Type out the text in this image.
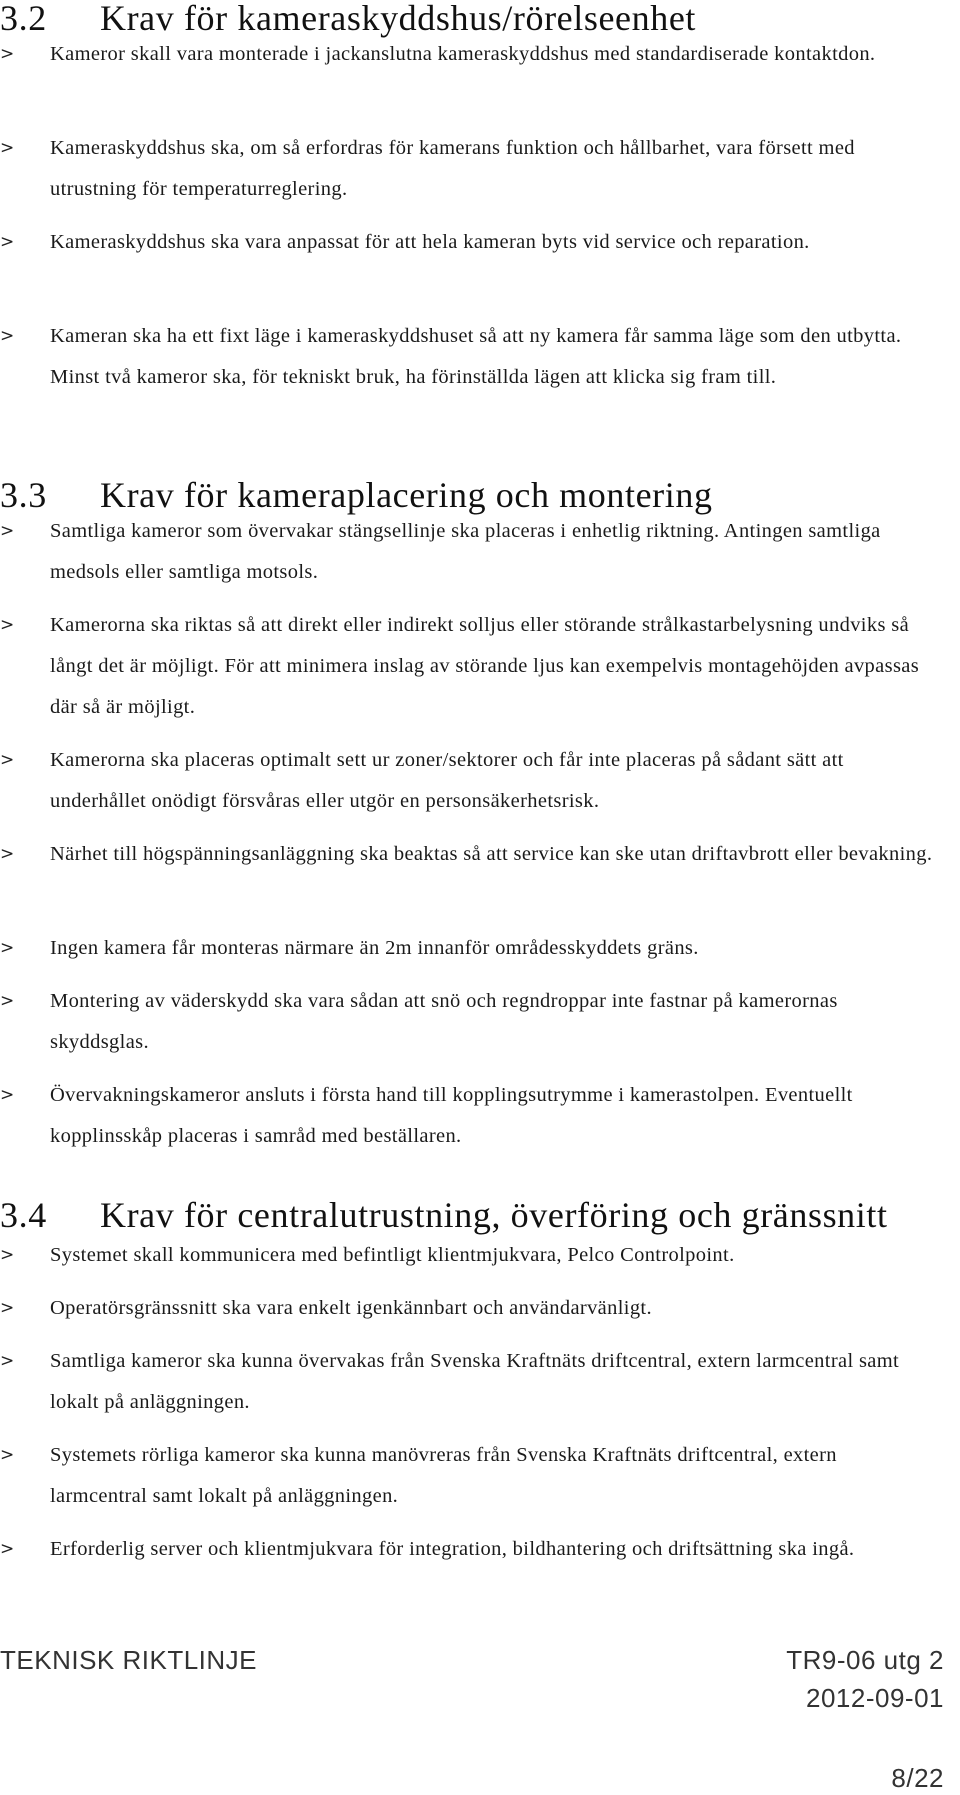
3.2 Krav för kameraskyddshus/rörelseenhet
> Kameror skall vara monterade i jackanslutna kameraskyddshus med standardiserade kontaktdon.
> Kameraskyddshus ska, om så erfordras för kamerans funktion och hållbarhet, vara försett med utrustning för temperaturreglering.
> Kameraskyddshus ska vara anpassat för att hela kameran byts vid service och reparation.
> Kameran ska ha ett fixt läge i kameraskyddshuset så att ny kamera får samma läge som den utbytta. Minst två kameror ska, för tekniskt bruk, ha förinställda lägen att klicka sig fram till.
3.3 Krav för kameraplacering och montering
> Samtliga kameror som övervakar stängsellinje ska placeras i enhetlig riktning. Antingen samtliga medsols eller samtliga motsols.
> Kamerorna ska riktas så att direkt eller indirekt solljus eller störande strålkastarbelysning undviks så långt det är möjligt. För att minimera inslag av störande ljus kan exempelvis montagehöjden avpassas där så är möjligt.
> Kamerorna ska placeras optimalt sett ur zoner/sektorer och får inte placeras på sådant sätt att underhållet onödigt försvåras eller utgör en personsäkerhetsrisk.
> Närhet till högspänningsanläggning ska beaktas så att service kan ske utan driftavbrott eller bevakning.
> Ingen kamera får monteras närmare än 2m innanför områdesskyddets gräns.
> Montering av väderskydd ska vara sådan att snö och regndroppar inte fastnar på kamerornas skyddsglas.
> Övervakningskameror ansluts i första hand till kopplingsutrymme i kamerastolpen. Eventuellt kopplinsskåp placeras i samråd med beställaren.
3.4 Krav för centralutrustning, överföring och gränssnitt
> Systemet skall kommunicera med befintligt klientmjukvara, Pelco Controlpoint.
> Operatörsgränssnitt ska vara enkelt igenkännbart och användarvänligt.
> Samtliga kameror ska kunna övervakas från Svenska Kraftnäts driftcentral, extern larmcentral samt lokalt på anläggningen.
> Systemets rörliga kameror ska kunna manövreras från Svenska Kraftnäts driftcentral, extern larmcentral samt lokalt på anläggningen.
> Erforderlig server och klientmjukvara för integration, bildhantering och driftsättning ska ingå.
TEKNISK RIKTLINJE	TR9-06 utg 2
2012-09-01
8/22
